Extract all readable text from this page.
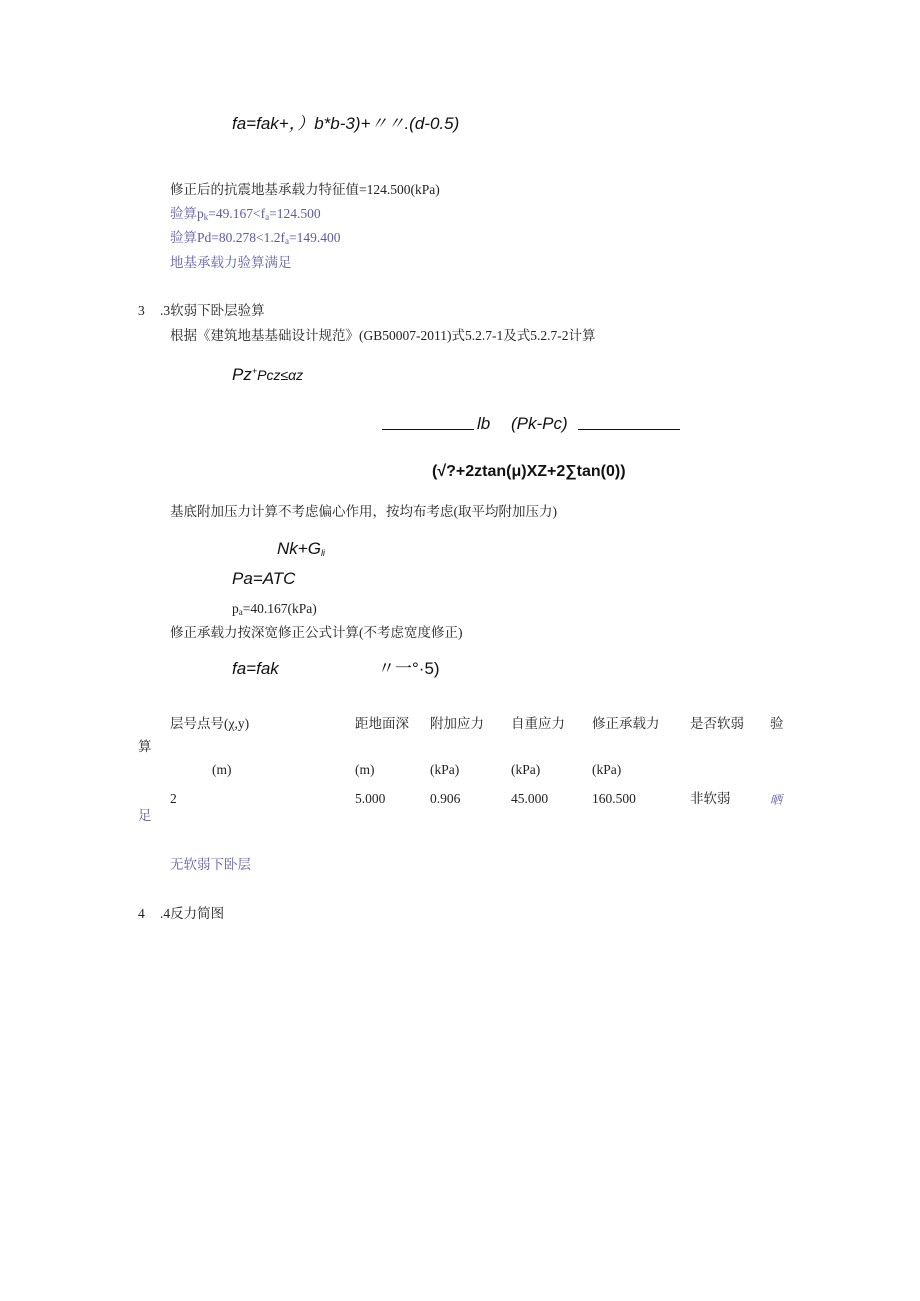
fa=fak+，）b*b-3)+〃〃.(d-0.5)
修正后的抗震地基承载力特征值=124.500(kPa)
验算$p_k=49.167<f_a=124.500$
验算$Pd=80.278<1.2f_a=149.400$
地基承载力验算满足
3 .3软弱下卧层验算
根据《建筑地基基础设计规范》(GB50007-2011)式5.2.7-1及式5.2.7-2计算
Pz+Pcz≤αz
lb (Pk-Pc)
(√?+2ztan(μ)XZ+2∑tan(0))
基底附加压力计算不考虑偏心作用，按均布考虑(取平均附加压力)
$Nk+G_{li}$
Pa=ATC
$p_a=40.167(kPa)$
修正承载力按深宽修正公式计算(不考虑宽度修正)
fa=fak	〃一°·5)
层号点号(χ,y)	距地面深 附加应力 自重应力 修正承载力 是否软弱 验
算
(m)	(m)	(kPa)	(kPa)	(kPa)
2	5.000	0.906	45.000	160.500	非软弱	晒
足
无软弱下卧层
4 .4反力简图
